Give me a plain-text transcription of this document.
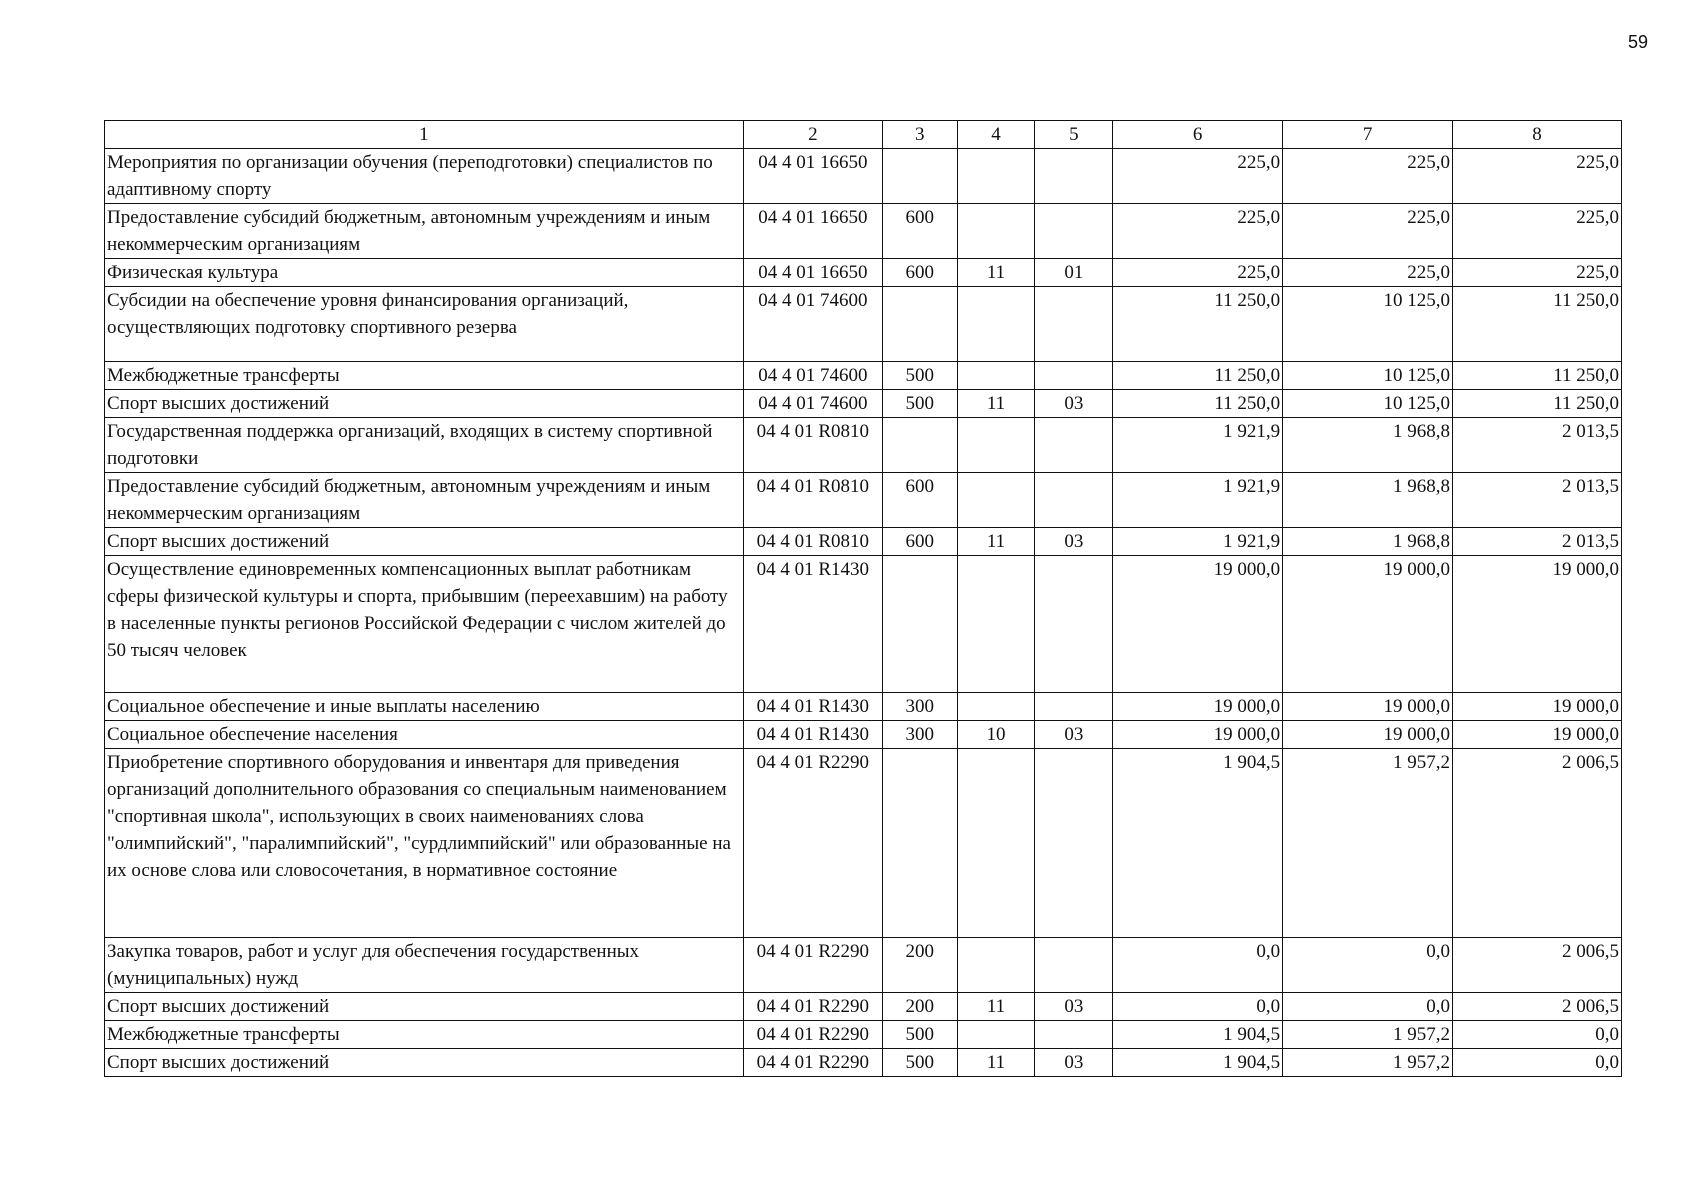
59
1	2	3	4	5	6	7	8
Мероприятия по организации обучения (переподготовки) специалистов по адаптивному спорту	04 4 01 16650				225,0	225,0	225,0
Предоставление субсидий бюджетным, автономным учреждениям и иным некоммерческим организациям	04 4 01 16650	600			225,0	225,0	225,0
Физическая культура	04 4 01 16650	600	11	01	225,0	225,0	225,0
Субсидии на обеспечение уровня финансирования организаций, осуществляющих подготовку спортивного резерва	04 4 01 74600				11 250,0	10 125,0	11 250,0
Межбюджетные трансферты	04 4 01 74600	500			11 250,0	10 125,0	11 250,0
Спорт высших достижений	04 4 01 74600	500	11	03	11 250,0	10 125,0	11 250,0
Государственная поддержка организаций, входящих в систему спортивной подготовки	04 4 01 R0810				1 921,9	1 968,8	2 013,5
Предоставление субсидий бюджетным, автономным учреждениям и иным некоммерческим организациям	04 4 01 R0810	600			1 921,9	1 968,8	2 013,5
Спорт высших достижений	04 4 01 R0810	600	11	03	1 921,9	1 968,8	2 013,5
Осуществление единовременных компенсационных выплат работникам сферы физической культуры и спорта, прибывшим (переехавшим) на работу в населенные пункты регионов Российской Федерации с числом жителей до 50 тысяч человек	04 4 01 R1430				19 000,0	19 000,0	19 000,0
Социальное обеспечение и иные выплаты населению	04 4 01 R1430	300			19 000,0	19 000,0	19 000,0
Социальное обеспечение населения	04 4 01 R1430	300	10	03	19 000,0	19 000,0	19 000,0
Приобретение спортивного оборудования и инвентаря для приведения организаций дополнительного образования со специальным наименованием "спортивная школа", использующих в своих наименованиях слова "олимпийский", "паралимпийский", "сурдлимпийский" или образованные на их основе слова или словосочетания, в нормативное состояние	04 4 01 R2290				1 904,5	1 957,2	2 006,5
Закупка товаров, работ и услуг для обеспечения государственных (муниципальных) нужд	04 4 01 R2290	200			0,0	0,0	2 006,5
Спорт высших достижений	04 4 01 R2290	200	11	03	0,0	0,0	2 006,5
Межбюджетные трансферты	04 4 01 R2290	500			1 904,5	1 957,2	0,0
Спорт высших достижений	04 4 01 R2290	500	11	03	1 904,5	1 957,2	0,0
